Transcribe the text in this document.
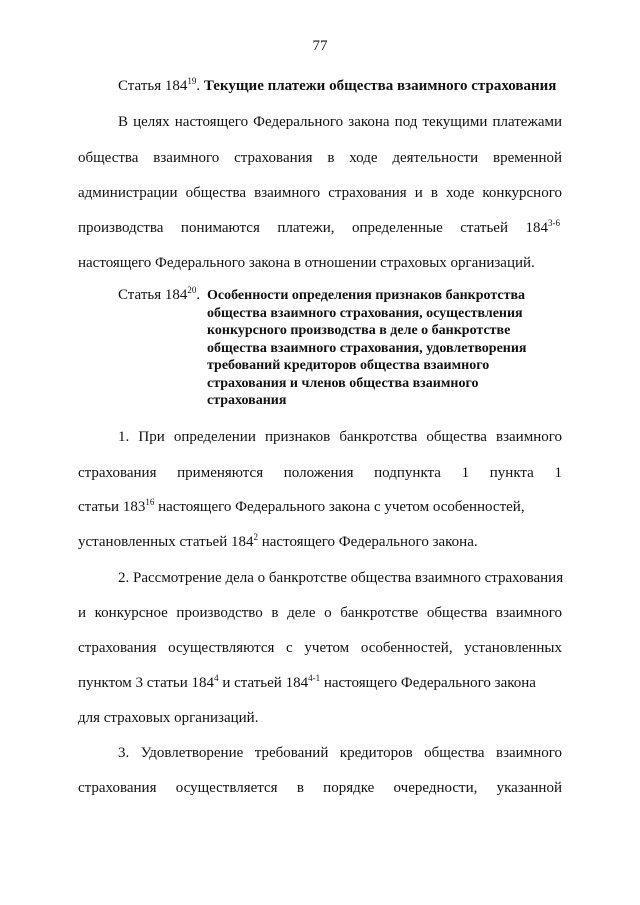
77
Статья $184^{19}$. Текущие платежи общества взаимного страхования
В целях настоящего Федерального закона под текущими платежами
общества взаимного страхования в ходе деятельности временной
администрации общества взаимного страхования и в ходе конкурсного
производства понимаются платежи, определенные статьей 184$^{3-6}$
настоящего Федерального закона в отношении страховых организаций.
Статья $184^{20}$. Особенности определения признаков банкротства
общества взаимного страхования, осуществления
конкурсного производства в деле о банкротстве
общества взаимного страхования, удовлетворения
требований кредиторов общества взаимного
страхования и членов общества взаимного
страхования
1. При определении признаков банкротства общества взаимного
страхования применяются положения подпункта 1 пункта 1
статьи $183^{16}$ настоящего Федерального закона с учетом особенностей,
установленных статьей $184^2$ настоящего Федерального закона.
2. Рассмотрение дела о банкротстве общества взаимного страхования
и конкурсное производство в деле о банкротстве общества взаимного
страхования осуществляются с учетом особенностей, установленных
пунктом 3 статьи $184^4$ и статьей 184$^{4-1}$ настоящего Федерального закона
для страховых организаций.
3. Удовлетворение требований кредиторов общества взаимного
страхования осуществляется в порядке очередности, указанной
